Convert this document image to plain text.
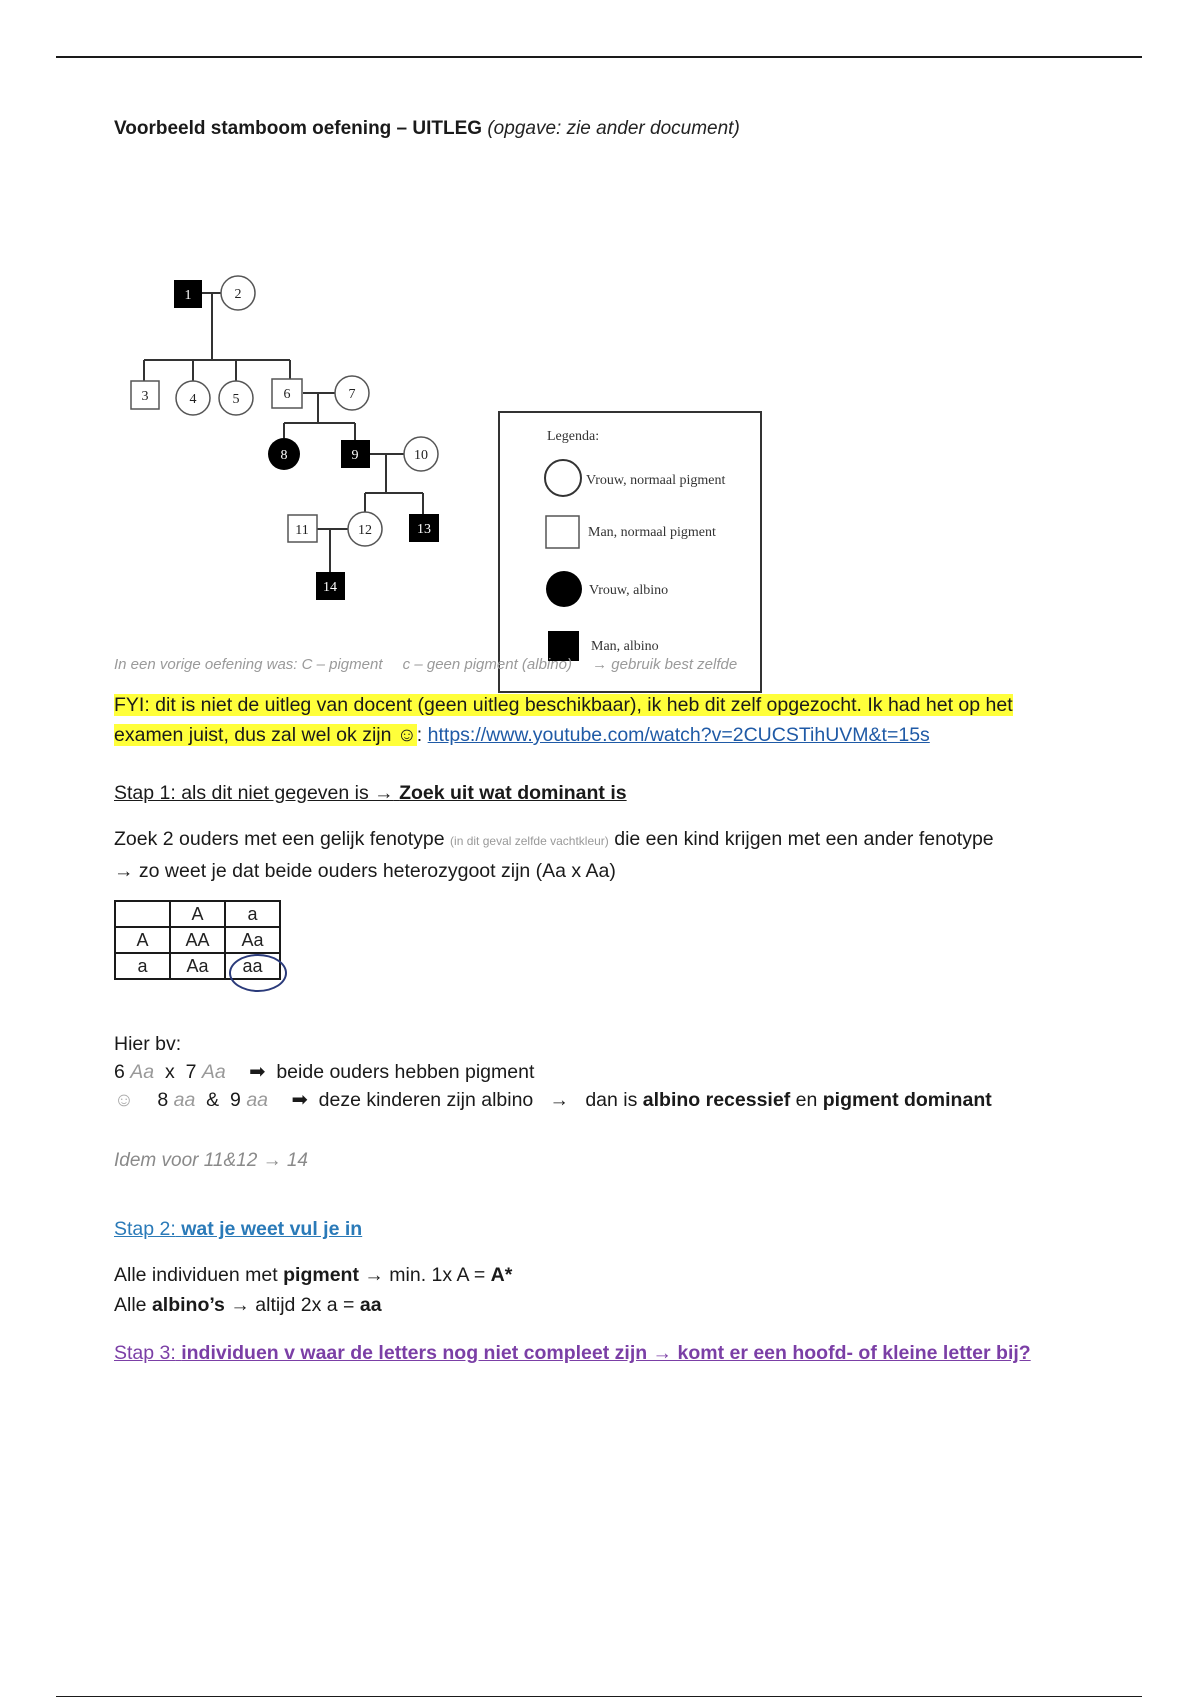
Voorbeeld stamboom oefening – UITLEG (opgave: zie ander document)
1	2
3	4	5	6	7
8	9	10
11	12	13
14
Legenda:
Vrouw, normaal pigment
Man, normaal pigment
Vrouw, albino
Man, albino
In een vorige oefening was: C – pigment c – geen pigment (albino) → gebruik best zelfde
FYI: dit is niet de uitleg van docent (geen uitleg beschikbaar), ik heb dit zelf opgezocht. Ik had het op het examen juist, dus zal wel ok zijn ☺: https://www.youtube.com/watch?v=2CUCSTihUVM&t=15s
Stap 1: als dit niet gegeven is → Zoek uit wat dominant is
Zoek 2 ouders met een gelijk fenotype (in dit geval zelfde vachtkleur) die een kind krijgen met een ander fenotype
→ zo weet je dat beide ouders heterozygoot zijn (Aa x Aa)
	A	a
A	AA	Aa
a	Aa	aa
Hier bv:
6 Aa x 7 Aa ➡ beide ouders hebben pigment
☺ 8 aa & 9 aa ➡ deze kinderen zijn albino → dan is albino recessief en pigment dominant
Idem voor 11&12 → 14
Stap 2: wat je weet vul je in
Alle individuen met pigment → min. 1x A = A*
Alle albino’s → altijd 2x a = aa
Stap 3: individuen v waar de letters nog niet compleet zijn → komt er een hoofd- of kleine letter bij?
